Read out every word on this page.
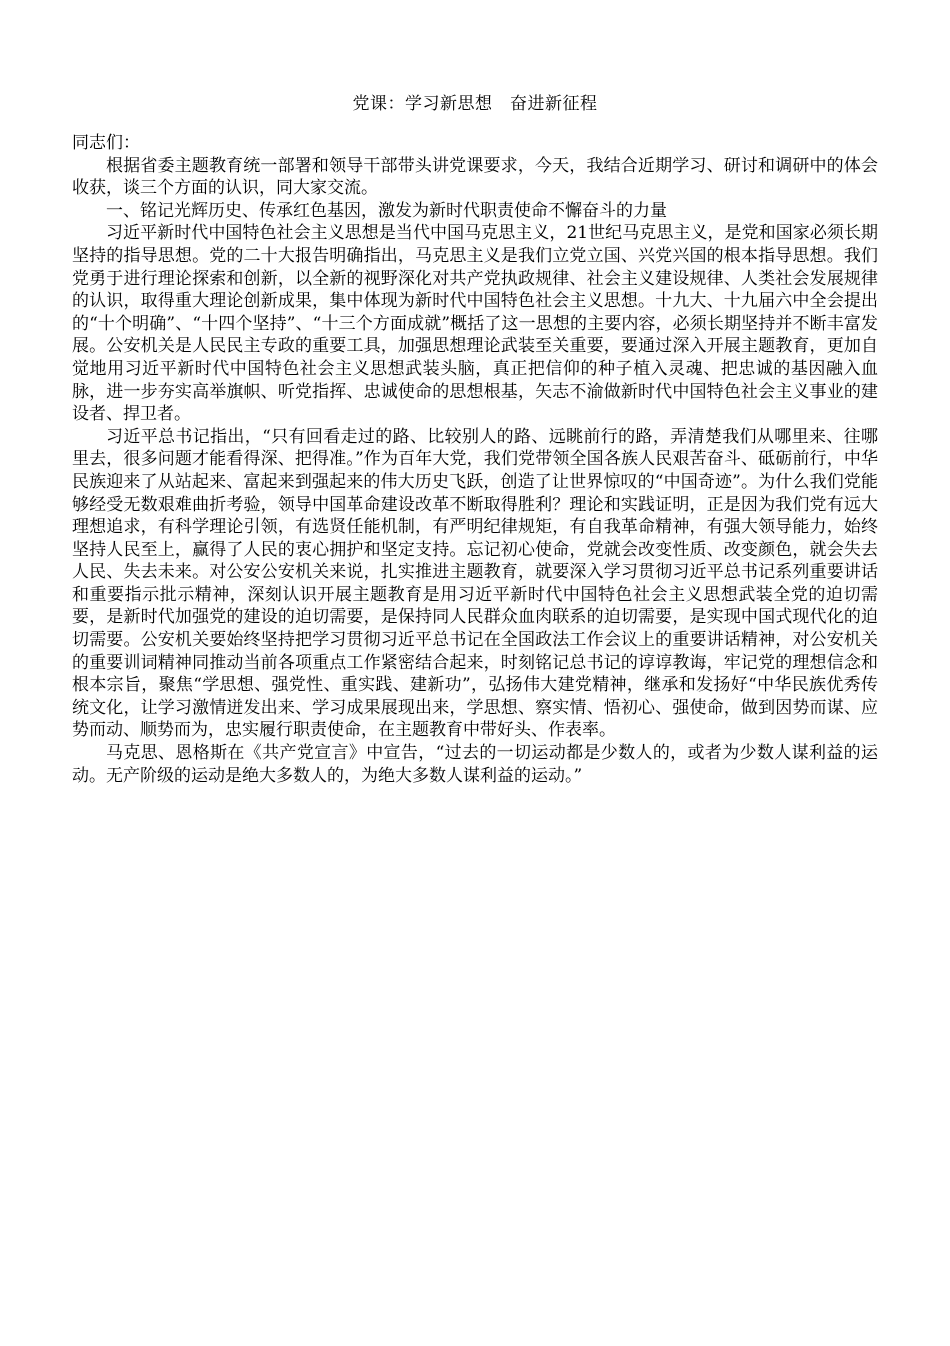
党课：学习新思想　奋进新征程

同志们：

根据省委主题教育统一部署和领导干部带头讲党课要求，今天，我结合近期学习、研讨和调研中的体会收获，谈三个方面的认识，同大家交流。

一、铭记光辉历史、传承红色基因，激发为新时代职责使命不懈奋斗的力量

习近平新时代中国特色社会主义思想是当代中国马克思主义，21世纪马克思主义，是党和国家必须长期坚持的指导思想。党的二十大报告明确指出，马克思主义是我们立党立国、兴党兴国的根本指导思想。我们党勇于进行理论探索和创新，以全新的视野深化对共产党执政规律、社会主义建设规律、人类社会发展规律的认识，取得重大理论创新成果，集中体现为新时代中国特色社会主义思想。十九大、十九届六中全会提出的“十个明确”、“十四个坚持”、“十三个方面成就”概括了这一思想的主要内容，必须长期坚持并不断丰富发展。公安机关是人民民主专政的重要工具，加强思想理论武装至关重要，要通过深入开展主题教育，更加自觉地用习近平新时代中国特色社会主义思想武装头脑，真正把信仰的种子植入灵魂、把忠诚的基因融入血脉，进一步夯实高举旗帜、听党指挥、忠诚使命的思想根基，矢志不渝做新时代中国特色社会主义事业的建设者、捍卫者。

习近平总书记指出，“只有回看走过的路、比较别人的路、远眺前行的路，弄清楚我们从哪里来、往哪里去，很多问题才能看得深、把得准。”作为百年大党，我们党带领全国各族人民艰苦奋斗、砥砺前行，中华民族迎来了从站起来、富起来到强起来的伟大历史飞跃，创造了让世界惊叹的“中国奇迹”。为什么我们党能够经受无数艰难曲折考验，领导中国革命建设改革不断取得胜利？理论和实践证明，正是因为我们党有远大理想追求，有科学理论引领，有选贤任能机制，有严明纪律规矩，有自我革命精神，有强大领导能力，始终坚持人民至上，赢得了人民的衷心拥护和坚定支持。忘记初心使命，党就会改变性质、改变颜色，就会失去人民、失去未来。对公安公安机关来说，扎实推进主题教育，就要深入学习贯彻习近平总书记系列重要讲话和重要指示批示精神，深刻认识开展主题教育是用习近平新时代中国特色社会主义思想武装全党的迫切需要，是新时代加强党的建设的迫切需要，是保持同人民群众血肉联系的迫切需要，是实现中国式现代化的迫切需要。公安机关要始终坚持把学习贯彻习近平总书记在全国政法工作会议上的重要讲话精神，对公安机关的重要训词精神同推动当前各项重点工作紧密结合起来，时刻铭记总书记的谆谆教诲，牢记党的理想信念和根本宗旨，聚焦“学思想、强党性、重实践、建新功”，弘扬伟大建党精神，继承和发扬好“中华民族优秀传统文化，让学习激情迸发出来、学习成果展现出来，学思想、察实情、悟初心、强使命，做到因势而谋、应势而动、顺势而为，忠实履行职责使命，在主题教育中带好头、作表率。

马克思、恩格斯在《共产党宣言》中宣告，“过去的一切运动都是少数人的，或者为少数人谋利益的运动。无产阶级的运动是绝大多数人的，为绝大多数人谋利益的运动。”
